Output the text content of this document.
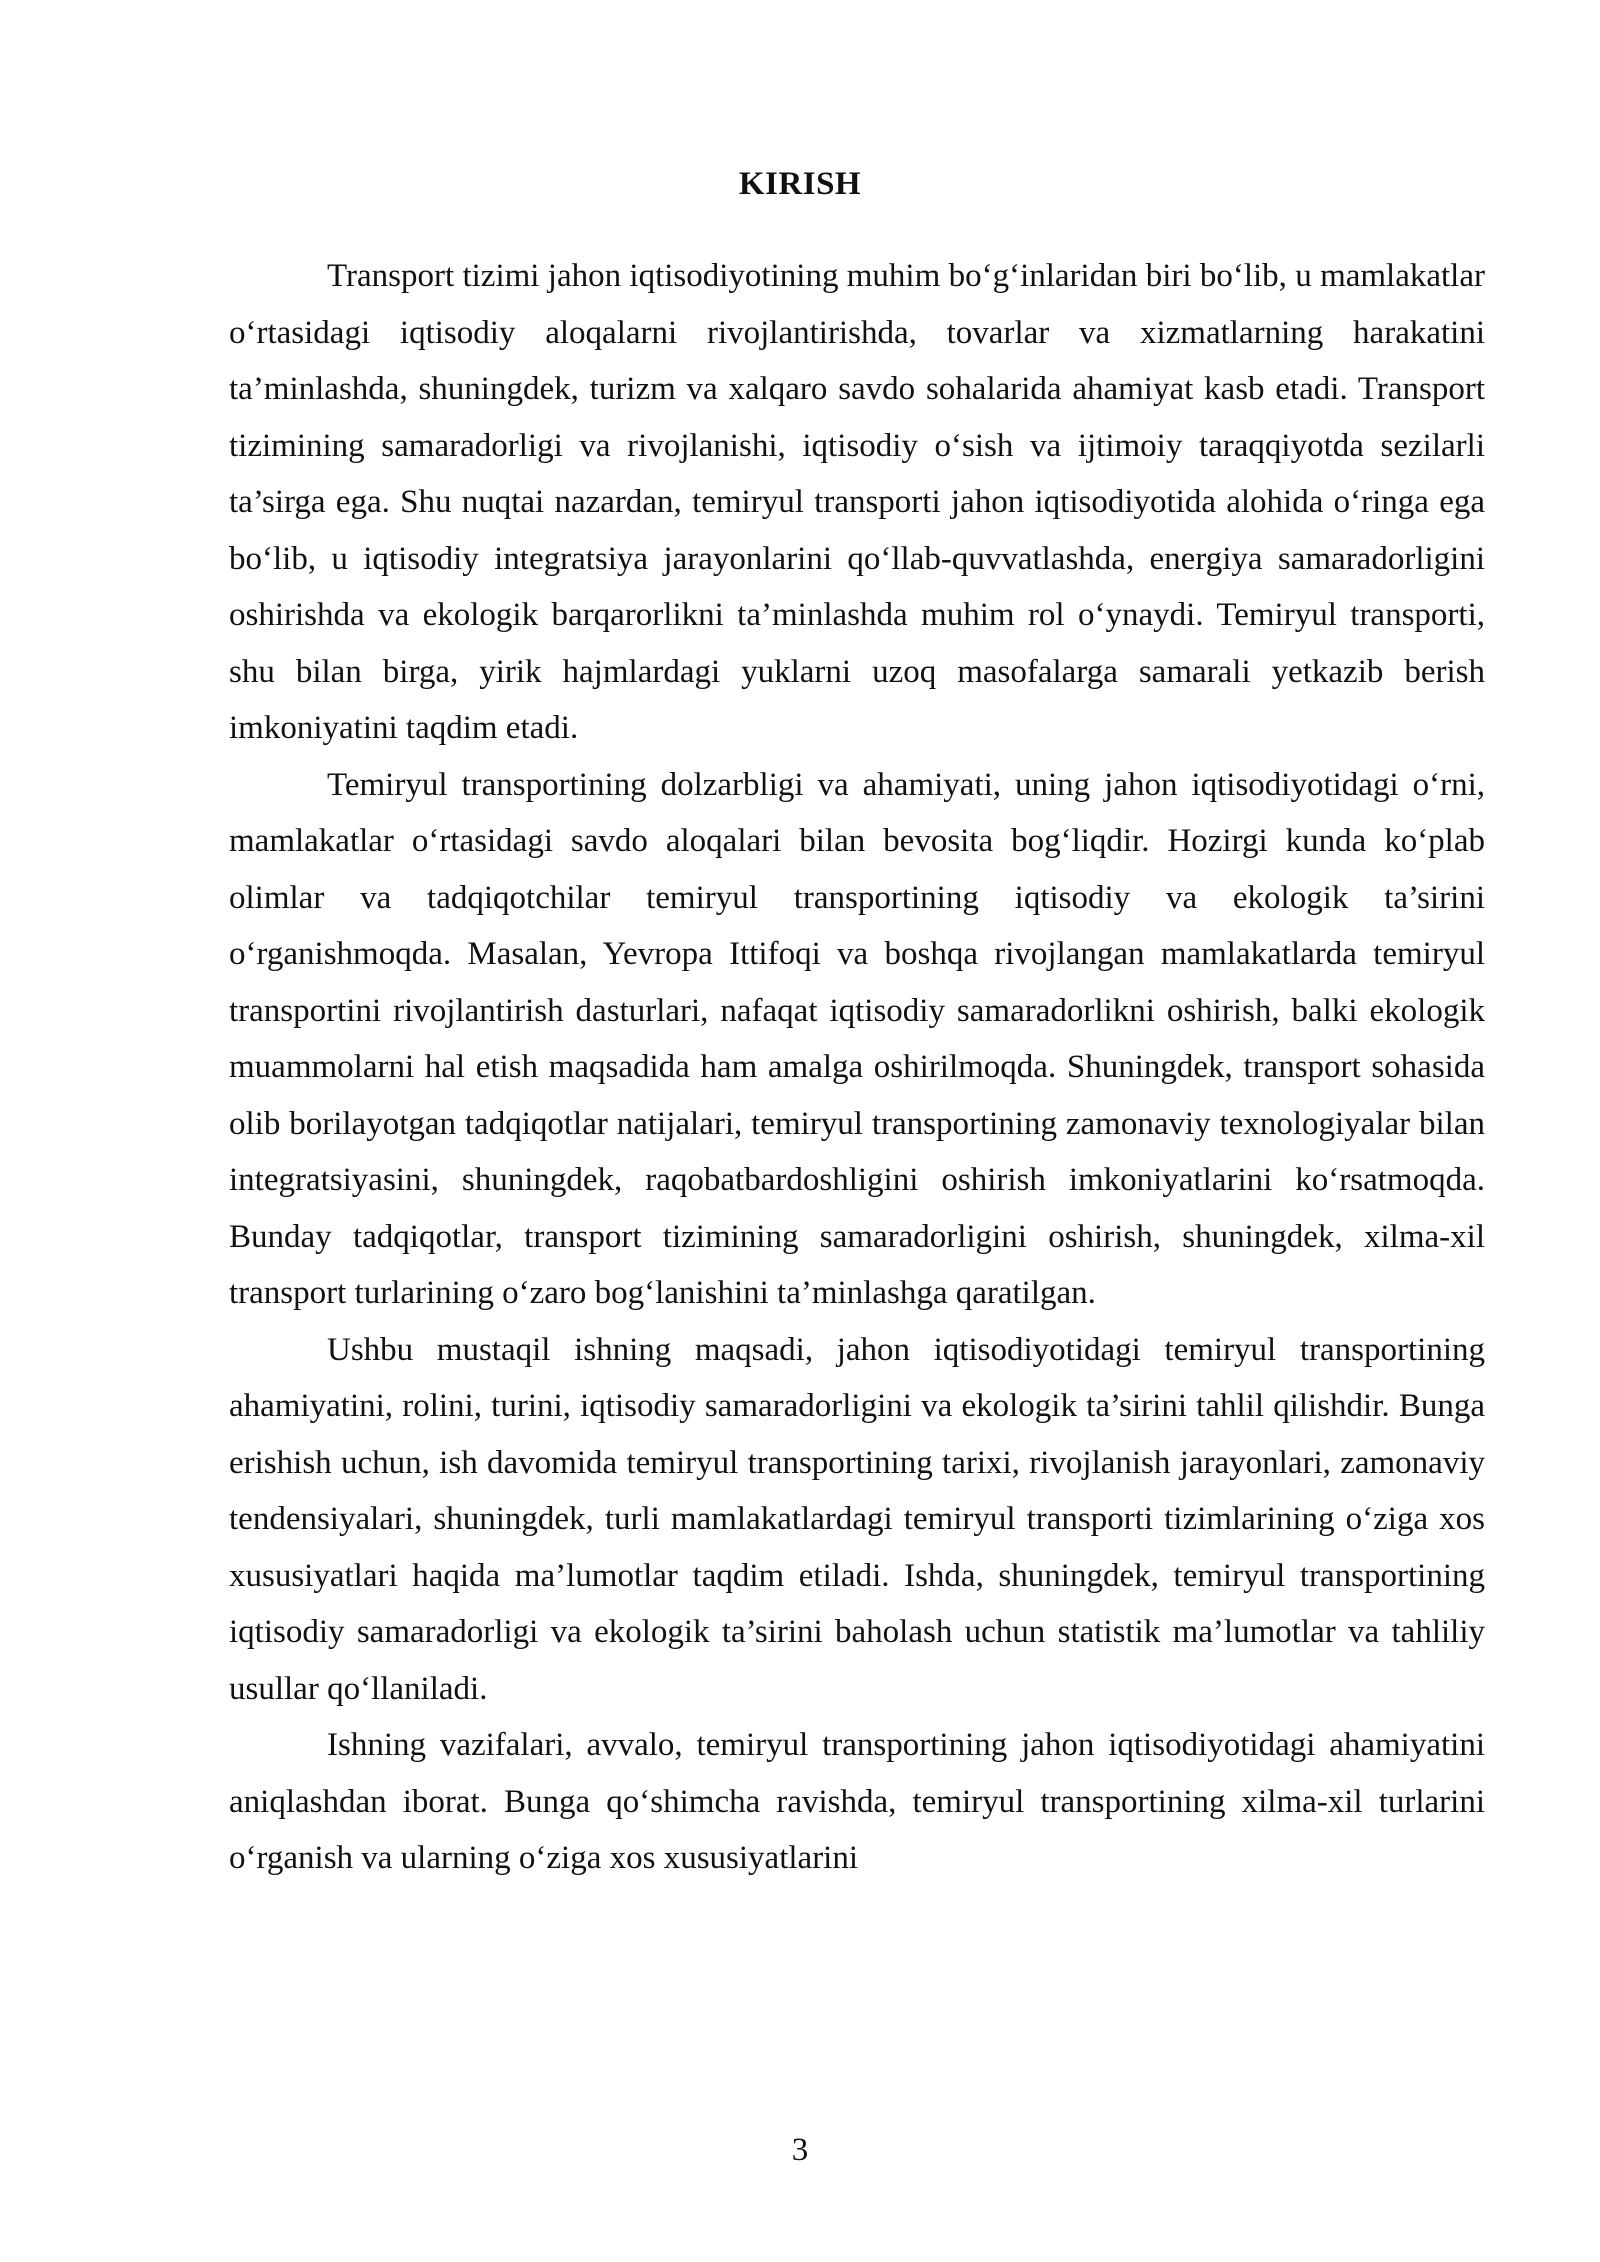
KIRISH

Transport tizimi jahon iqtisodiyotining muhim bo‘g‘inlaridan biri bo‘lib, u mamlakatlar o‘rtasidagi iqtisodiy aloqalarni rivojlantirishda, tovarlar va xizmatlarning harakatini ta’minlashda, shuningdek, turizm va xalqaro savdo sohalarida ahamiyat kasb etadi. Transport tizimining samaradorligi va rivojlanishi, iqtisodiy o‘sish va ijtimoiy taraqqiyotda sezilarli ta’sirga ega. Shu nuqtai nazardan, temiryul transporti jahon iqtisodiyotida alohida o‘ringa ega bo‘lib, u iqtisodiy integratsiya jarayonlarini qo‘llab-quvvatlashda, energiya samaradorligini oshirishda va ekologik barqarorlikni ta’minlashda muhim rol o‘ynaydi. Temiryul transporti, shu bilan birga, yirik hajmlardagi yuklarni uzoq masofalarga samarali yetkazib berish imkoniyatini taqdim etadi.

Temiryul transportining dolzarbligi va ahamiyati, uning jahon iqtisodiyotidagi o‘rni, mamlakatlar o‘rtasidagi savdo aloqalari bilan bevosita bog‘liqdir. Hozirgi kunda ko‘plab olimlar va tadqiqotchilar temiryul transportining iqtisodiy va ekologik ta’sirini o‘rganishmoqda. Masalan, Yevropa Ittifoqi va boshqa rivojlangan mamlakatlarda temiryul transportini rivojlantirish dasturlari, nafaqat iqtisodiy samaradorlikni oshirish, balki ekologik muammolarni hal etish maqsadida ham amalga oshirilmoqda. Shuningdek, transport sohasida olib borilayotgan tadqiqotlar natijalari, temiryul transportining zamonaviy texnologiyalar bilan integratsiyasini, shuningdek, raqobatbardoshligini oshirish imkoniyatlarini ko‘rsatmoqda. Bunday tadqiqotlar, transport tizimining samaradorligini oshirish, shuningdek, xilma-xil transport turlarining o‘zaro bog‘lanishini ta’minlashga qaratilgan.

Ushbu mustaqil ishning maqsadi, jahon iqtisodiyotidagi temiryul transportining ahamiyatini, rolini, turini, iqtisodiy samaradorligini va ekologik ta’sirini tahlil qilishdir. Bunga erishish uchun, ish davomida temiryul transportining tarixi, rivojlanish jarayonlari, zamonaviy tendensiyalari, shuningdek, turli mamlakatlardagi temiryul transporti tizimlarining o‘ziga xos xususiyatlari haqida ma’lumotlar taqdim etiladi. Ishda, shuningdek, temiryul transportining iqtisodiy samaradorligi va ekologik ta’sirini baholash uchun statistik ma’lumotlar va tahliliy usullar qo‘llaniladi.

Ishning vazifalari, avvalo, temiryul transportining jahon iqtisodiyotidagi ahamiyatini aniqlashdan iborat. Bunga qo‘shimcha ravishda, temiryul transportining xilma-xil turlarini o‘rganish va ularning o‘ziga xos xususiyatlarini

3
